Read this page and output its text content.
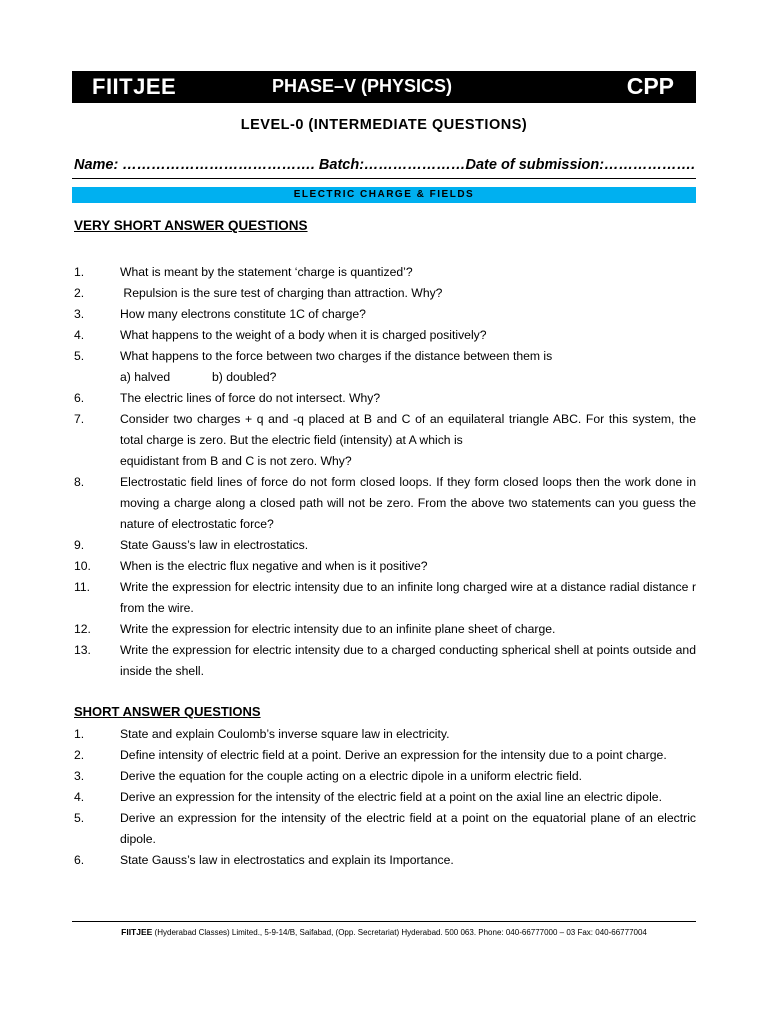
FIITJEE	PHASE–V (PHYSICS)	CPP
LEVEL-0 (INTERMEDIATE QUESTIONS)
Name: …………………………………. Batch:…………………Date of submission:……………….
ELECTRIC CHARGE & FIELDS
VERY SHORT ANSWER QUESTIONS
1.	What is meant by the statement ‘charge is quantized’?
2.	Repulsion is the sure test of charging than attraction. Why?
3.	How many electrons constitute 1C of charge?
4.	What happens to the weight of a body when it is charged positively?
5.	What happens to the force between two charges if the distance between them is
a) halved	b) doubled?
6.	The electric lines of force do not intersect. Why?
7.	Consider two charges + q and -q placed at B and C of an equilateral triangle ABC. For this system, the total charge is zero. But the electric field (intensity) at A which is
equidistant from B and C is not zero. Why?
8.	Electrostatic field lines of force do not form closed loops. If they form closed loops then the work done in moving a charge along a closed path will not be zero. From the above two statements can you guess the nature of electrostatic force?
9.	State Gauss’s law in electrostatics.
10. When is the electric flux negative and when is it positive?
11. Write the expression for electric intensity due to an infinite long charged wire at a distance radial distance r from the wire.
12. Write the expression for electric intensity due to an infinite plane sheet of charge.
13. Write the expression for electric intensity due to a charged conducting spherical shell at points outside and inside the shell.
SHORT ANSWER QUESTIONS
1.	State and explain Coulomb’s inverse square law in electricity.
2.	Define intensity of electric field at a point. Derive an expression for the intensity due to a point charge.
3.	Derive the equation for the couple acting on a electric dipole in a uniform electric field.
4.	Derive an expression for the intensity of the electric field at a point on the axial line an electric dipole.
5.	Derive an expression for the intensity of the electric field at a point on the equatorial plane of an electric dipole.
6.	State Gauss’s law in electrostatics and explain its Importance.
FIITJEE (Hyderabad Classes) Limited., 5-9-14/B, Saifabad, (Opp. Secretariat) Hyderabad. 500 063. Phone: 040-66777000 – 03 Fax: 040-66777004
